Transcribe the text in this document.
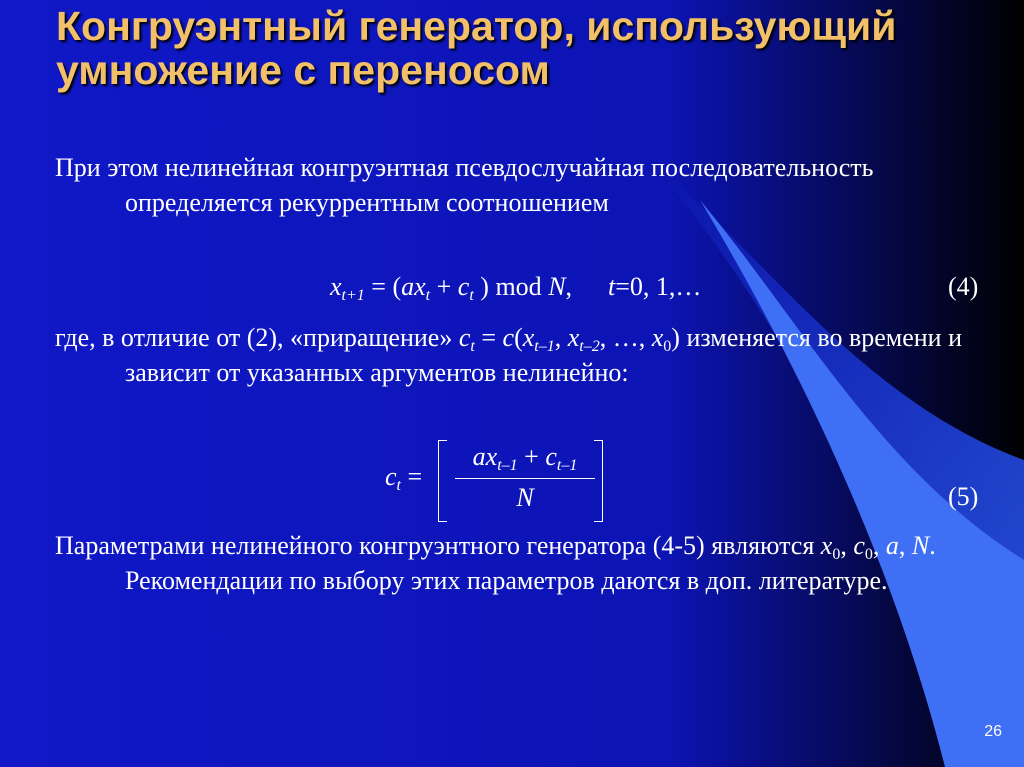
Конгруэнтный генератор, использующий умножение с переносом

При этом нелинейная конгруэнтная псевдослучайная последовательность определяется рекуррентным соотношением

$x_{t+1} = (ax_t + c_t$ ) mod N, t=0, 1,…	(4)

где, в отличие от (2), «приращение» $c_t = c(x_{t-1}$, $x_{t-2}$, …, $x_0$) изменяется во времени и зависит от указанных аргументов нелинейно:

$c_t$ =
$ax_{t-1} + c_{t-1}$
N	(5)

Параметрами нелинейного конгруэнтного генератора (4-5) являются $x_0$, $c_0$, a, N. Рекомендации по выбору этих параметров даются в доп. литературе.

26
